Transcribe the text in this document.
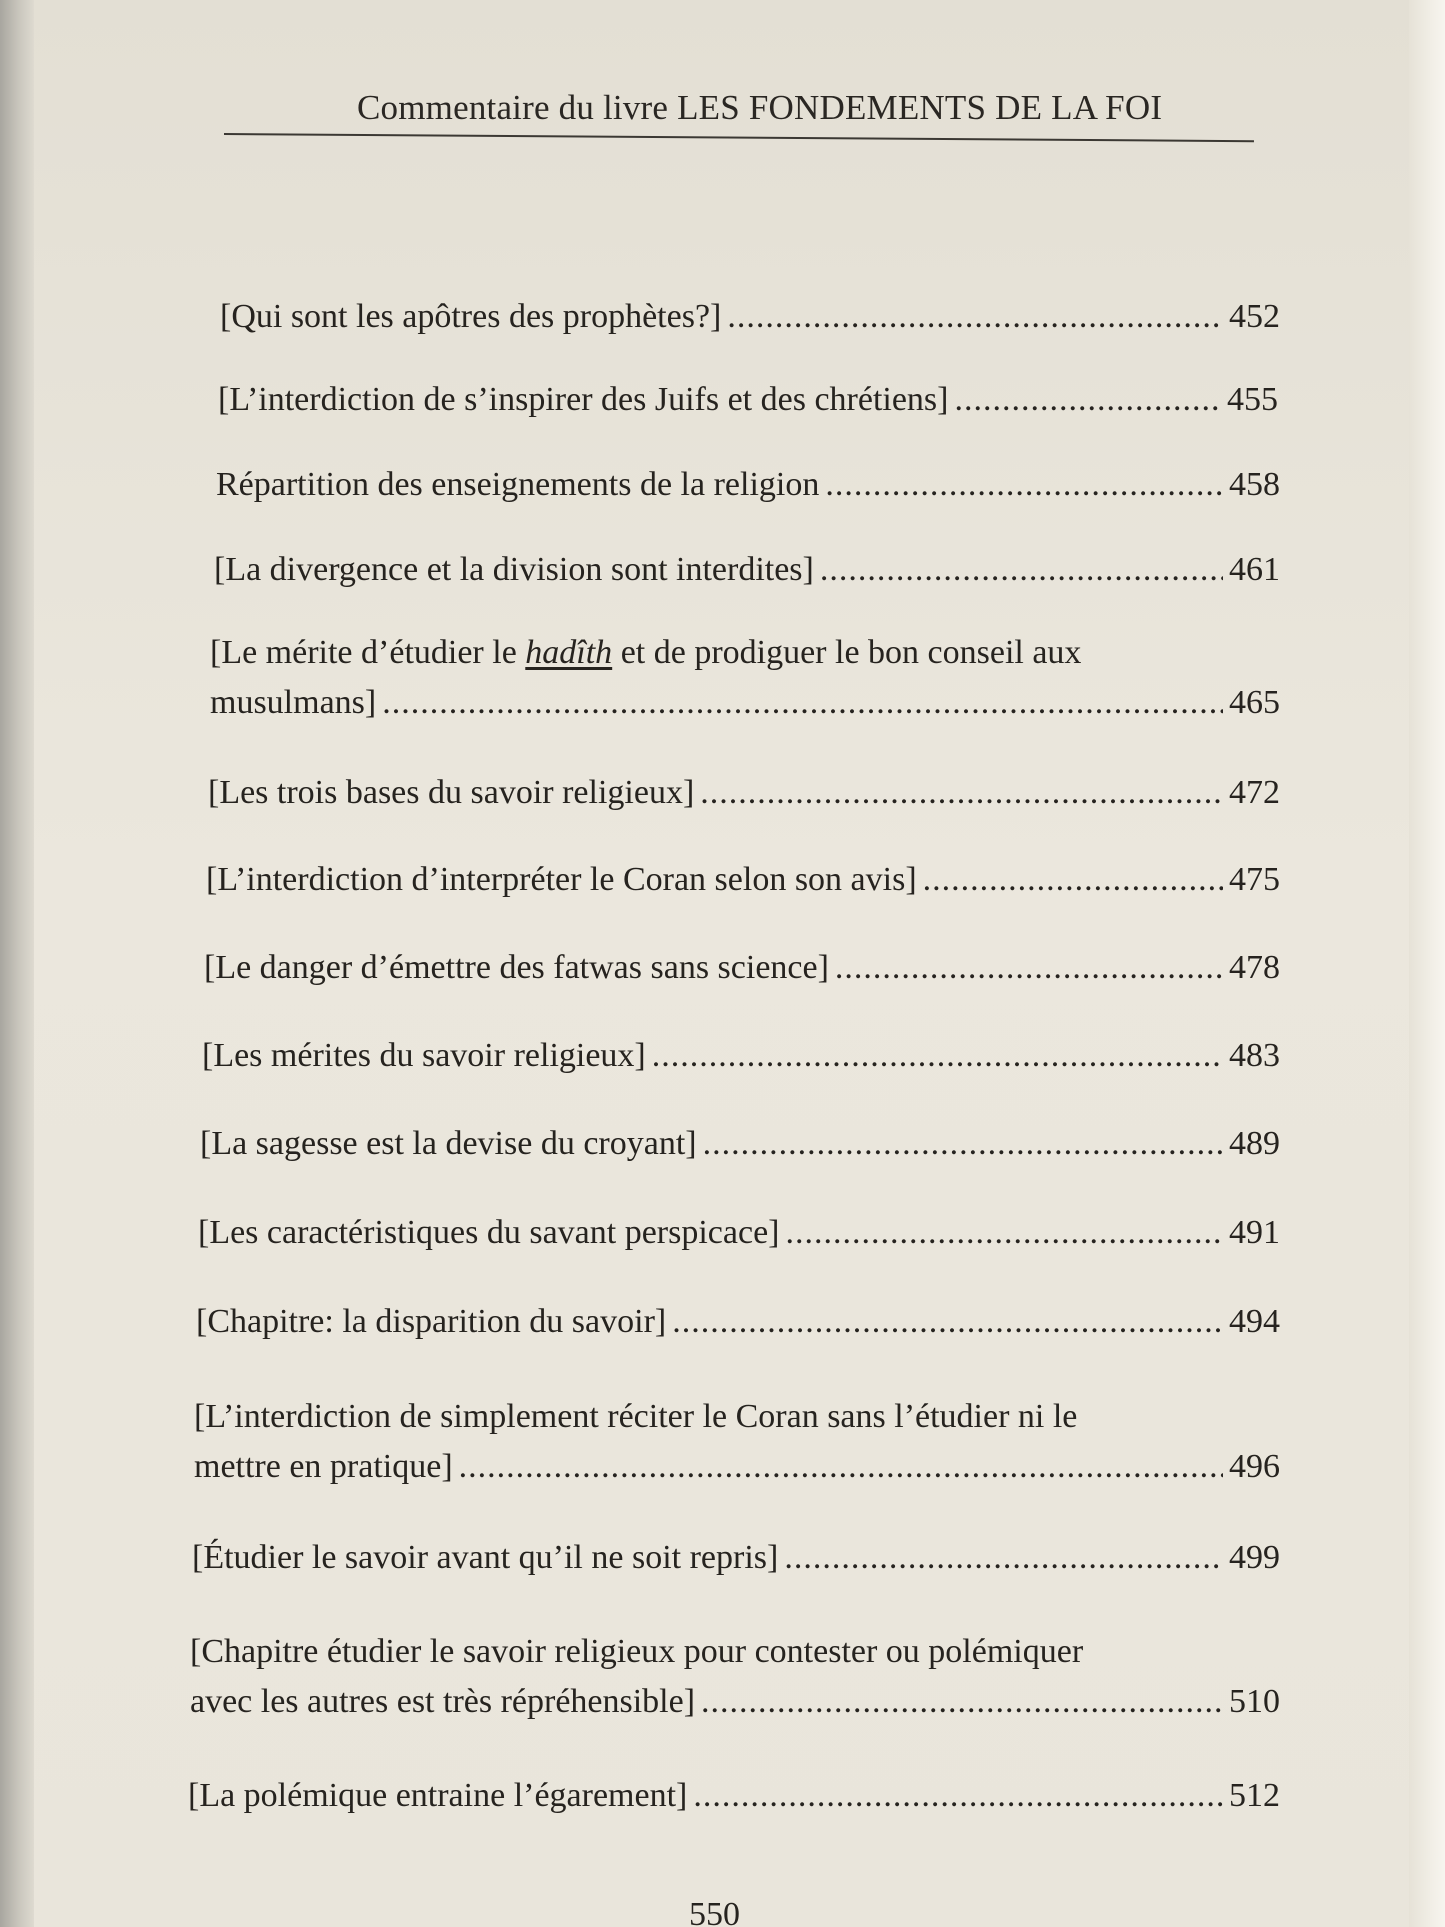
Commentaire du livre LES FONDEMENTS DE LA FOI
[Qui sont les apôtres des prophètes?] .....	452
[L’interdiction de s’inspirer des Juifs et des chrétiens] .....	455
Répartition des enseignements de la religion .....	458
[La divergence et la division sont interdites] .....	461
[Le mérite d’étudier le hadîth et de prodiguer le bon conseil aux
musulmans] .....	465
[Les trois bases du savoir religieux] .....	472
[L’interdiction d’interpréter le Coran selon son avis] .....	475
[Le danger d’émettre des fatwas sans science] .....	478
[Les mérites du savoir religieux] .....	483
[La sagesse est la devise du croyant] .....	489
[Les caractéristiques du savant perspicace] .....	491
[Chapitre: la disparition du savoir] .....	494
[L’interdiction de simplement réciter le Coran sans l’étudier ni le
mettre en pratique] .....	496
[Étudier le savoir avant qu’il ne soit repris] .....	499
[Chapitre étudier le savoir religieux pour contester ou polémiquer
avec les autres est très répréhensible] .....	510
[La polémique entraine l’égarement] .....	512
550
